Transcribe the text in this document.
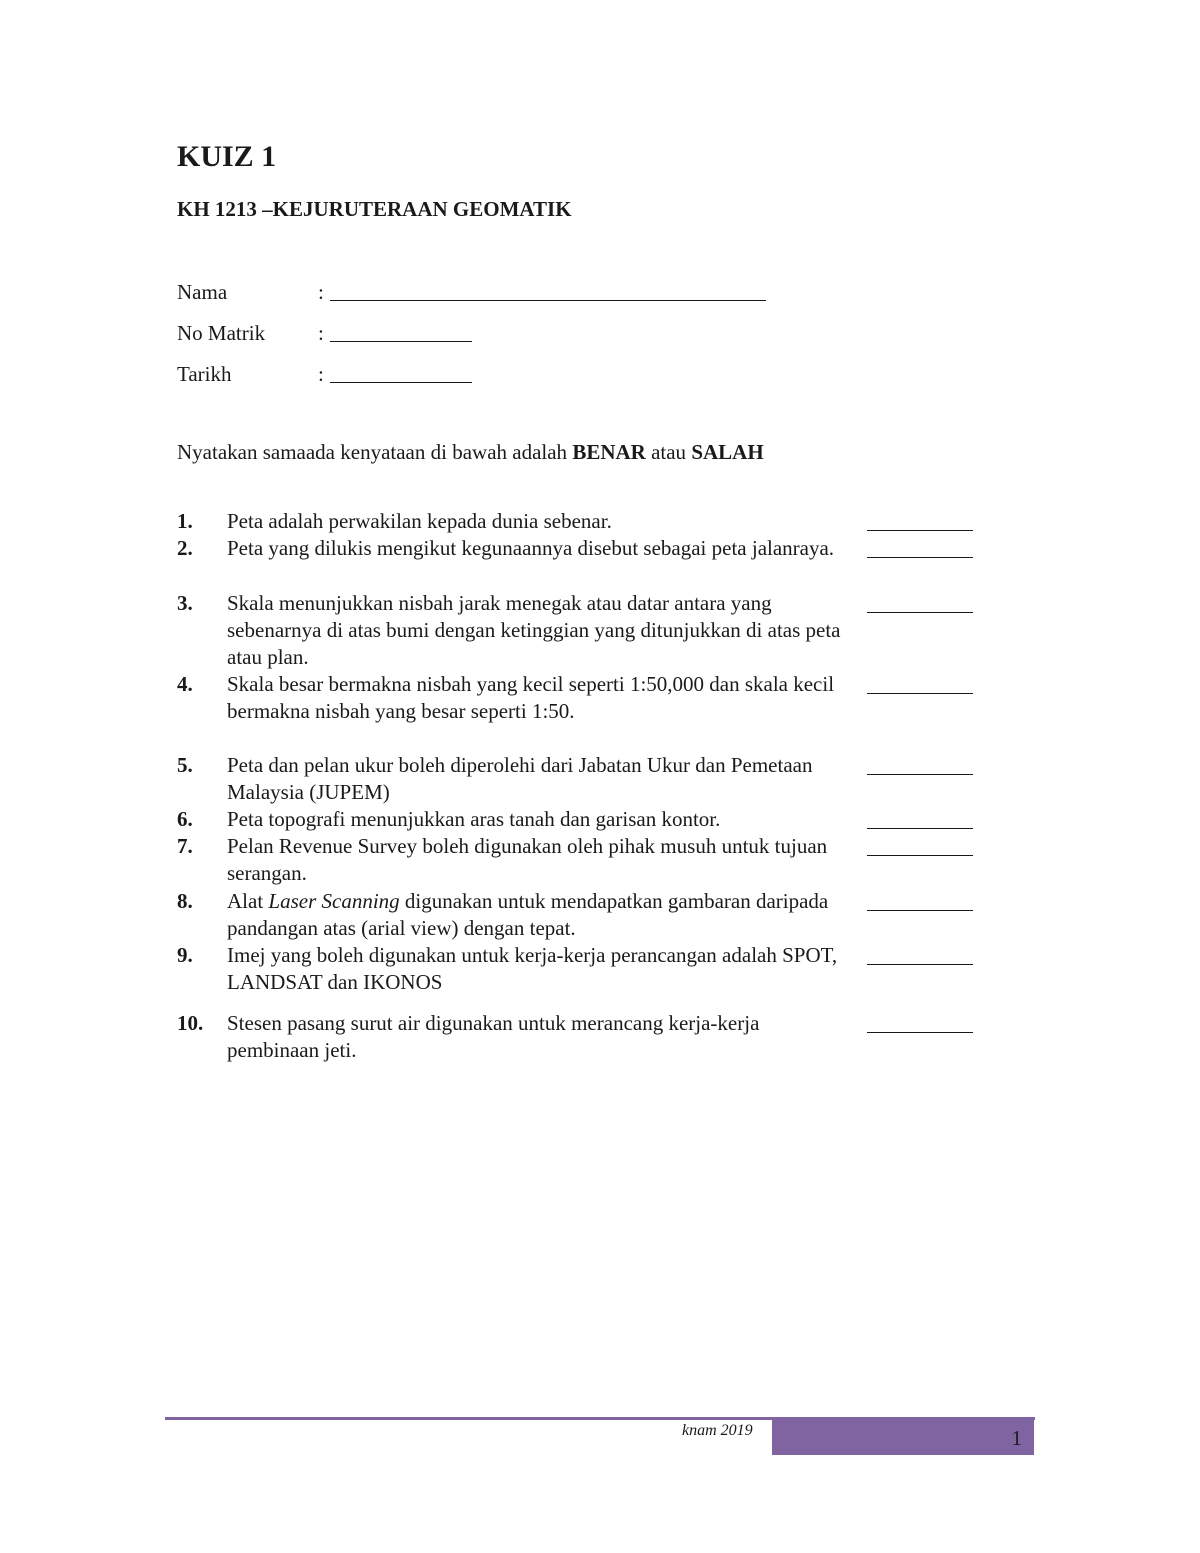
KUIZ 1
KH 1213 –KEJURUTERAAN GEOMATIK
Nama	:
No Matrik	:
Tarikh	:

Nyatakan samaada kenyataan di bawah adalah BENAR atau SALAH

1. Peta adalah perwakilan kepada dunia sebenar.
2. Peta yang dilukis mengikut kegunaannya disebut sebagai peta jalanraya.
3. Skala menunjukkan nisbah jarak menegak atau datar antara yang sebenarnya di atas bumi dengan ketinggian yang ditunjukkan di atas peta atau plan.
4. Skala besar bermakna nisbah yang kecil seperti 1:50,000 dan skala kecil bermakna nisbah yang besar seperti 1:50.
5. Peta dan pelan ukur boleh diperolehi dari Jabatan Ukur dan Pemetaan Malaysia (JUPEM)
6. Peta topografi menunjukkan aras tanah dan garisan kontor.
7. Pelan Revenue Survey boleh digunakan oleh pihak musuh untuk tujuan serangan.
8. Alat Laser Scanning digunakan untuk mendapatkan gambaran daripada pandangan atas (arial view) dengan tepat.
9. Imej yang boleh digunakan untuk kerja-kerja perancangan adalah SPOT, LANDSAT dan IKONOS
10. Stesen pasang surut air digunakan untuk merancang kerja-kerja pembinaan jeti.
knam 2019	1
